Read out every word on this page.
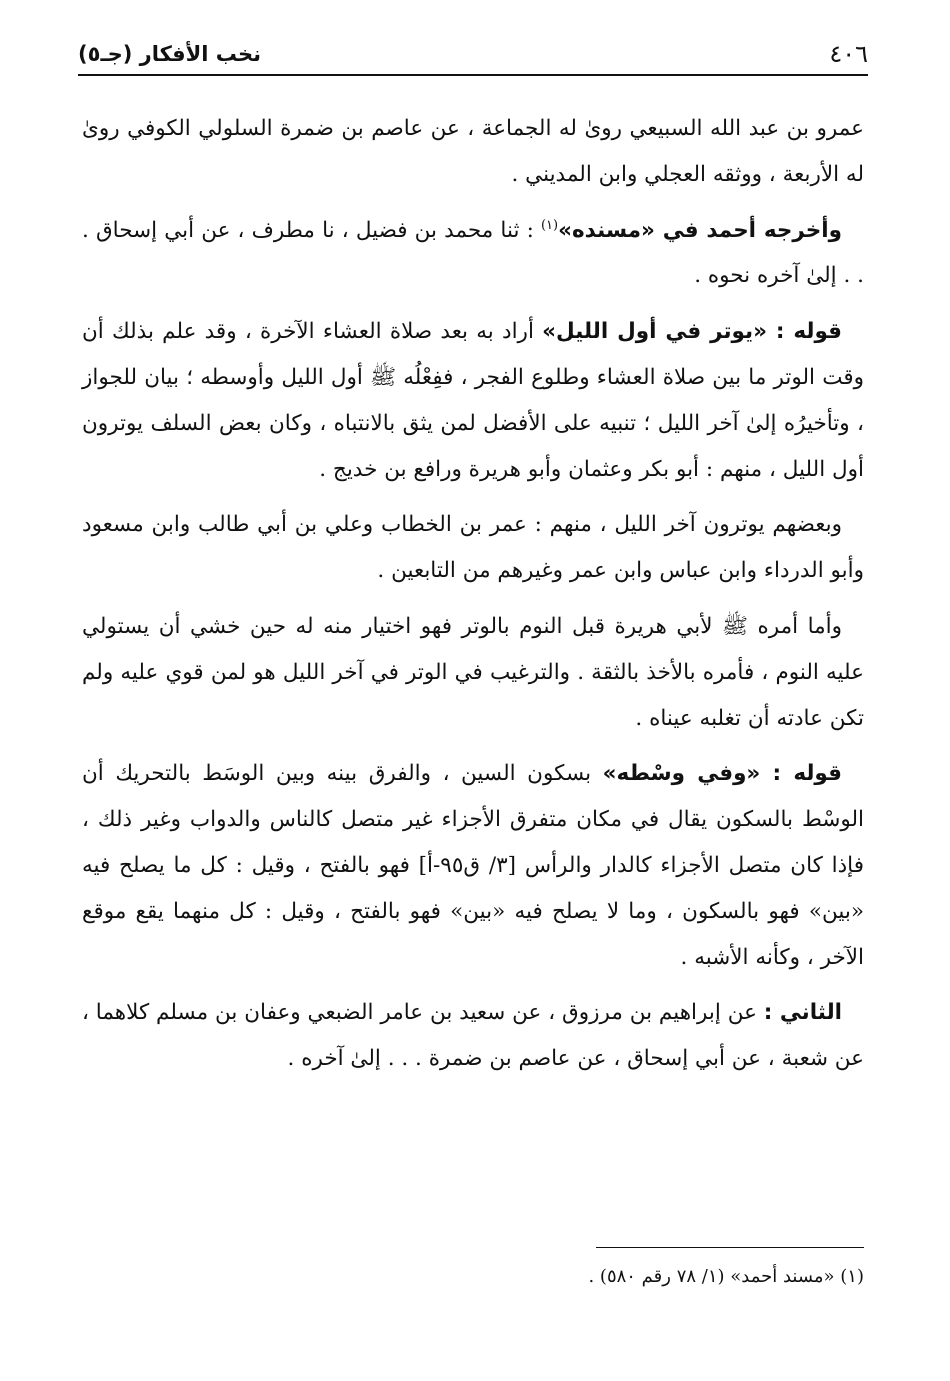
٤٠٦
نخب الأفكار (جـ٥)

عمرو بن عبد الله السبيعي روىٰ له الجماعة ، عن عاصم بن ضمرة السلولي الكوفي روىٰ له الأربعة ، ووثقه العجلي وابن المديني .

وأخرجه أحمد في «مسنده»$^{(١)}$ : ثنا محمد بن فضيل ، نا مطرف ، عن أبي إسحاق . . . إلىٰ آخره نحوه .

قوله : «يوتر في أول الليل» أراد به بعد صلاة العشاء الآخرة ، وقد علم بذلك أن وقت الوتر ما بين صلاة العشاء وطلوع الفجر ، ففِعْلُه ﷺ أول الليل وأوسطه ؛ بيان للجواز ، وتأخيرُه إلىٰ آخر الليل ؛ تنبيه على الأفضل لمن يثق بالانتباه ، وكان بعض السلف يوترون أول الليل ، منهم : أبو بكر وعثمان وأبو هريرة ورافع بن خديج .

وبعضهم يوترون آخر الليل ، منهم : عمر بن الخطاب وعلي بن أبي طالب وابن مسعود وأبو الدرداء وابن عباس وابن عمر وغيرهم من التابعين .

وأما أمره ﷺ لأبي هريرة قبل النوم بالوتر فهو اختيار منه له حين خشي أن يستولي عليه النوم ، فأمره بالأخذ بالثقة . والترغيب في الوتر في آخر الليل هو لمن قوي عليه ولم تكن عادته أن تغلبه عيناه .

قوله : «وفي وسْطه» بسكون السين ، والفرق بينه وبين الوسَط بالتحريك أن الوسْط بالسكون يقال في مكان متفرق الأجزاء غير متصل كالناس والدواب وغير ذلك ، فإذا كان متصل الأجزاء كالدار والرأس [٣/ ق٩٥-أ] فهو بالفتح ، وقيل : كل ما يصلح فيه «بين» فهو بالسكون ، وما لا يصلح فيه «بين» فهو بالفتح ، وقيل : كل منهما يقع موقع الآخر ، وكأنه الأشبه .

الثاني : عن إبراهيم بن مرزوق ، عن سعيد بن عامر الضبعي وعفان بن مسلم كلاهما ، عن شعبة ، عن أبي إسحاق ، عن عاصم بن ضمرة . . . إلىٰ آخره .

(١) «مسند أحمد» (١/ ٧٨ رقم ٥٨٠) .
